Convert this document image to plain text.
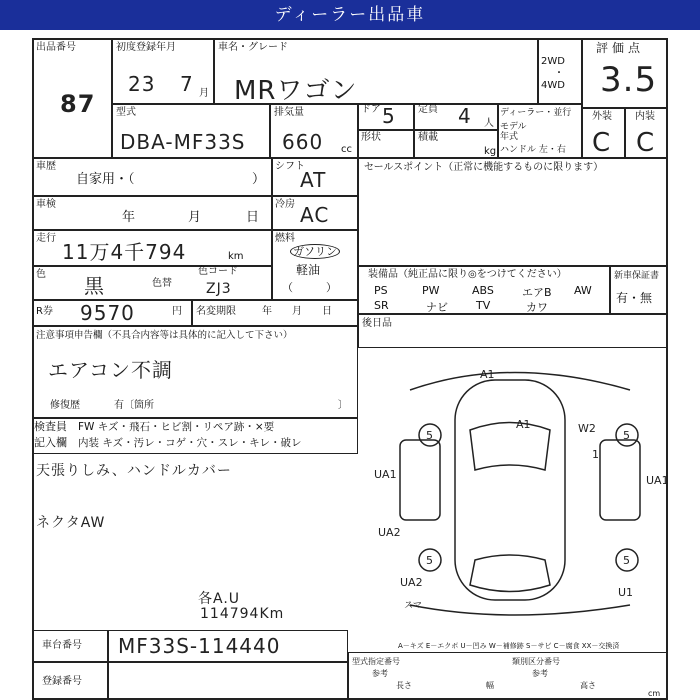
ディーラー出品車
出品番号
87
初度登録年月
23 7 月
車名・グレード
MRワゴン
2WD
・
4WD
評価点
3.5
外装 内装
C C
型式
DBA-MF33S
排気量
660 cc
ドア 5 定員 4 人
形状	積載
kg
ディーラー・並行
モデル年式
ハンドル 左・右
車歴
自家用・（	）
シフト
AT
車検
年	月	日
冷房 AC
走行
11万4千794	km
燃料
ガソリン
軽油
（　　　）
色 黒	色替
色コード
ZJ3
R券 9570	円 名変期限	年　　月　　日
注意事項申告欄（不具合内容等は具体的に記入して下さい）
エアコン不調
修復歴	有〔箇所	〕
検査員
記入欄
FW キズ・飛石・ヒビ割・リペア跡・×要
内装 キズ・汚レ・コゲ・穴・スレ・キレ・破レ
天張りしみ、ハンドルカバー
ネクタAW
各A.U
114794Km
セールスポイント（正常に機能するものに限ります）
装備品（純正品に限り◎をつけてください）
PS	PW	ABS	エアB AW
SR	ナビ	TV	カワ
新車保証書
有・無
後日品
A1
A1	W2
1
5	5
5	5
UA1	UA1
UA2
UA2
U1
スマ
車台番号 MF33S-114440
登録番号
A－キズ E－エクボ U－凹み W－補修跡 S－サビ C－腐食 XX－交換済
型式指定番号
参考
類別区分番号
参考
長さ	幅	高さ
cm
